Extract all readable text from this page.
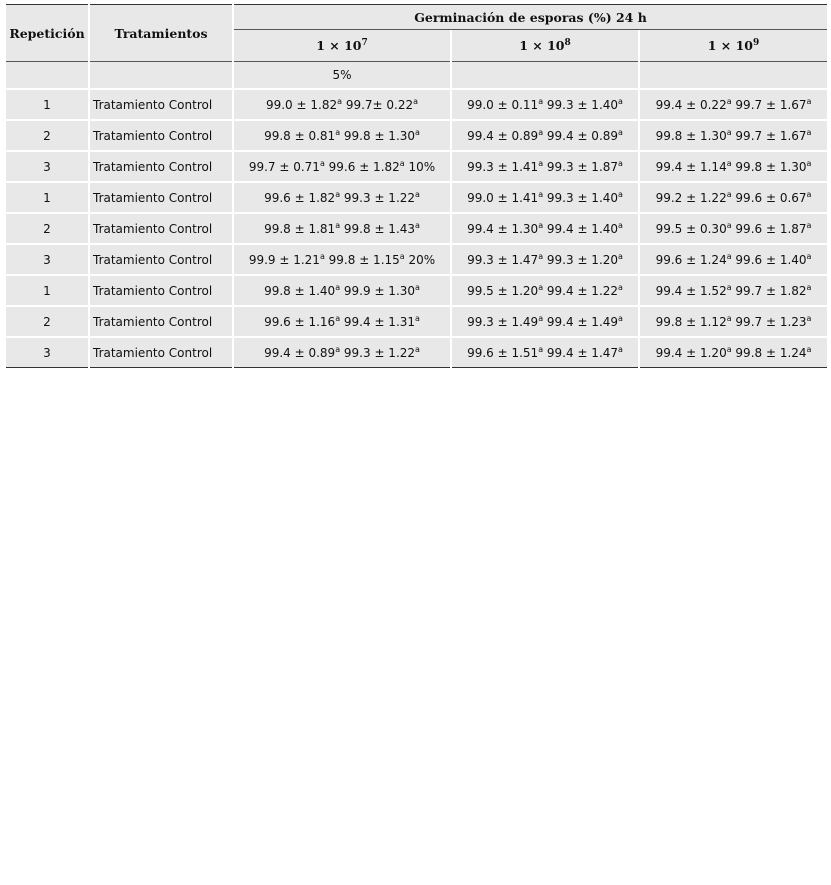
Repetición	Tratamientos	Germinación de esporas (%) 24 h		
		$1 \times 10^7$	$1 \times 10^8$	$1 \times 10^9$
		5%		
1	Tratamiento Control	99.0 ± 1.82$^a$ 99.7± 0.22$^a$	99.0 ± 0.11$^a$ 99.3 ± 1.40$^a$	99.4 ± 0.22$^a$ 99.7 ± 1.67$^a$
2	Tratamiento Control	99.8 ± 0.81$^a$ 99.8 ± 1.30$^a$	99.4 ± 0.89$^a$ 99.4 ± 0.89$^a$	99.8 ± 1.30$^a$ 99.7 ± 1.67$^a$
3	Tratamiento Control	99.7 ± 0.71$^a$ 99.6 ± 1.82$^a$ 10%	99.3 ± 1.41$^a$ 99.3 ± 1.87$^a$	99.4 ± 1.14$^a$ 99.8 ± 1.30$^a$
1	Tratamiento Control	99.6 ± 1.82$^a$ 99.3 ± 1.22$^a$	99.0 ± 1.41$^a$ 99.3 ± 1.40$^a$	99.2 ± 1.22$^a$ 99.6 ± 0.67$^a$
2	Tratamiento Control	99.8 ± 1.81$^a$ 99.8 ± 1.43$^a$	99.4 ± 1.30$^a$ 99.4 ± 1.40$^a$	99.5 ± 0.30$^a$ 99.6 ± 1.87$^a$
3	Tratamiento Control	99.9 ± 1.21$^a$ 99.8 ± 1.15$^a$ 20%	99.3 ± 1.47$^a$ 99.3 ± 1.20$^a$	99.6 ± 1.24$^a$ 99.6 ± 1.40$^a$
1	Tratamiento Control	99.8 ± 1.40$^a$ 99.9 ± 1.30$^a$	99.5 ± 1.20$^a$ 99.4 ± 1.22$^a$	99.4 ± 1.52$^a$ 99.7 ± 1.82$^a$
2	Tratamiento Control	99.6 ± 1.16$^a$ 99.4 ± 1.31$^a$	99.3 ± 1.49$^a$ 99.4 ± 1.49$^a$	99.8 ± 1.12$^a$ 99.7 ± 1.23$^a$
3	Tratamiento Control	99.4 ± 0.89$^a$ 99.3 ± 1.22$^a$	99.6 ± 1.51$^a$ 99.4 ± 1.47$^a$	99.4 ± 1.20$^a$ 99.8 ± 1.24$^a$
